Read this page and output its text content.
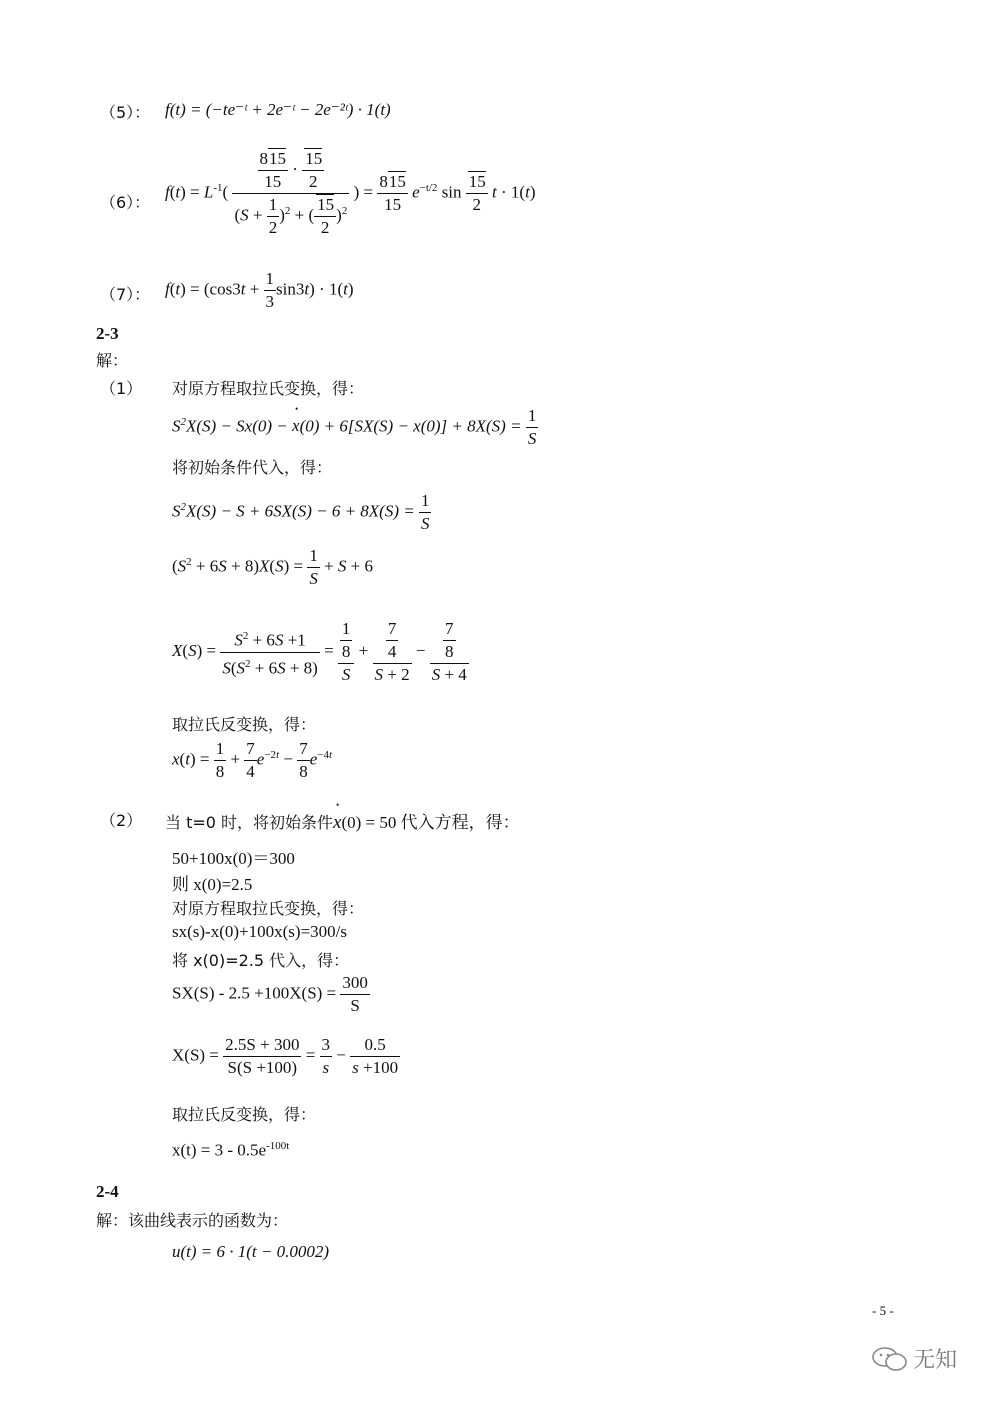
（5）： f(t) = (−te⁻ᵗ + 2e⁻ᵗ − 2e⁻²ᵗ) · 1(t)
（6）：
$f(t) = L^{-1}( \frac{\frac{815}{15} \cdot \frac{15}{2}}{(S + \frac{1}{2} )^2 + ( \frac{15}{2} )^2}$ ) = $\frac{815}{15} e^{-t/2}$ $\sin \frac{15}{2}$ t · 1(t)
（7）： $f(t) = (\cos 3t + \frac{1}{3} \sin 3t) \cdot 1(t)$
2-3
解：
（1） 对原方程取拉氏变换，得：
$S^2X(S) - Sx(0)$ − • $x(0) + 6[SX(S) - x(0)] + 8X(S) = \frac{1}{S}$
将初始条件代入，得：
$S^2X(S) - S + 6SX(S) - 6 + 8X(S) = \frac{1}{S}$
$(S^2 + 6S + 8)X(S) = \frac{1}{S} + S + 6$
$X(S) = \frac{S^2 + 6S +1}{S(S^2 + 6S + 8)} = \frac{\frac{1}{8}}{S} + \frac{\frac{7}{4}}{S + 2} - \frac{\frac{7}{8}}{S + 4}$
取拉氏反变换，得：
$x(t) = \frac{1}{8} + \frac{7}{4} e^{-2t} - \frac{7}{8} e^{-4t}$
（2） 当 t=0 时，将初始条件• x(0) = 50 代入方程，得：
50+100x(0)＝300
则 x(0)=2.5
对原方程取拉氏变换，得：
sx(s)-x(0)+100x(s)=300/s
将 x(0)=2.5 代入，得：
$SX(S) - 2.5 +100X(S) = \frac{300}{S}$
$X(S) = \frac{2.5S + 300}{S(S +100)} = \frac{3}{s} - \frac{0.5}{s +100}$
取拉氏反变换，得：
$x(t) = 3 - 0.5e^{-100t}$
2-4
解：该曲线表示的函数为：
u(t) = 6 · 1(t − 0.0002)
- 5 -
无知
